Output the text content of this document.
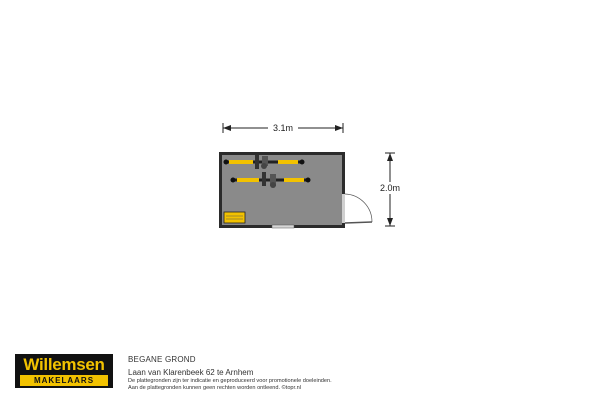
3.1m
2.0m
Willemsen
MAKELAARS
BEGANE GROND
Laan van Klarenbeek 62 te Arnhem
De plattegronden zijn ter indicatie en geproduceerd voor promotionele doeleinden.
Aan de plattegronden kunnen geen rechten worden ontleend. ©topr.nl
